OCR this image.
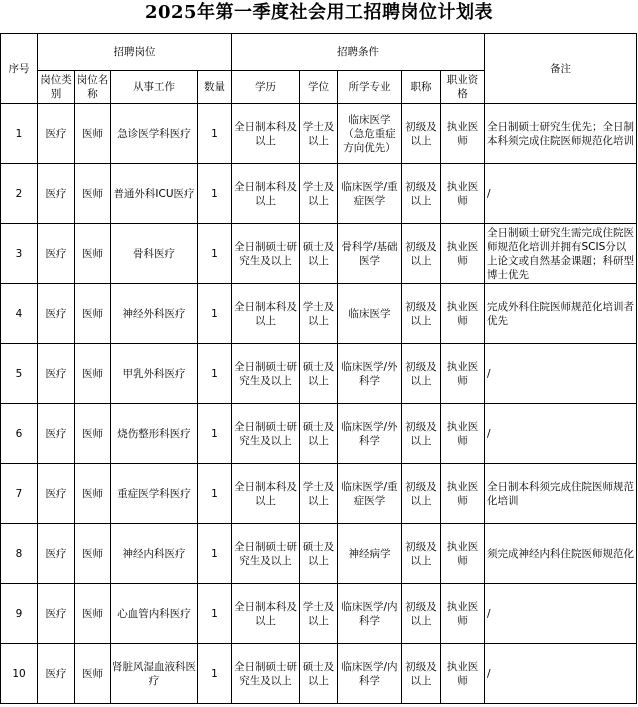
2025年第一季度社会用工招聘岗位计划表
序号	招聘岗位				招聘条件					备注
	岗位类别	岗位名称	从事工作	数量	学历	学位	所学专业	职称	职业资格	
1	医疗	医师	急诊医学科医疗	1	全日制本科及以上	学士及以上	临床医学（急危重症方向优先）	初级及以上	执业医师	全日制硕士研究生优先；全日制本科须完成住院医师规范化培训
2	医疗	医师	普通外科ICU医疗	1	全日制本科及以上	学士及以上	临床医学/重症医学	初级及以上	执业医师	/
3	医疗	医师	骨科医疗	1	全日制硕士研究生及以上	硕士及以上	骨科学/基础医学	初级及以上	执业医师	全日制硕士研究生需完成住院医师规范化培训并拥有SCIS分以上论文或自然基金课题；科研型博士优先
4	医疗	医师	神经外科医疗	1	全日制本科及以上	学士及以上	临床医学	初级及以上	执业医师	完成外科住院医师规范化培训者优先
5	医疗	医师	甲乳外科医疗	1	全日制硕士研究生及以上	硕士及以上	临床医学/外科学	初级及以上	执业医师	/
6	医疗	医师	烧伤整形科医疗	1	全日制硕士研究生及以上	硕士及以上	临床医学/外科学	初级及以上	执业医师	/
7	医疗	医师	重症医学科医疗	1	全日制本科及以上	学士及以上	临床医学/重症医学	初级及以上	执业医师	全日制本科须完成住院医师规范化培训
8	医疗	医师	神经内科医疗	1	全日制硕士研究生及以上	硕士及以上	神经病学	初级及以上	执业医师	须完成神经内科住院医师规范化
9	医疗	医师	心血管内科医疗	1	全日制本科及以上	学士及以上	临床医学/内科学	初级及以上	执业医师	/
10	医疗	医师	肾脏风湿血液科医疗	1	全日制硕士研究生及以上	硕士及以上	临床医学/内科学	初级及以上	执业医师	/
